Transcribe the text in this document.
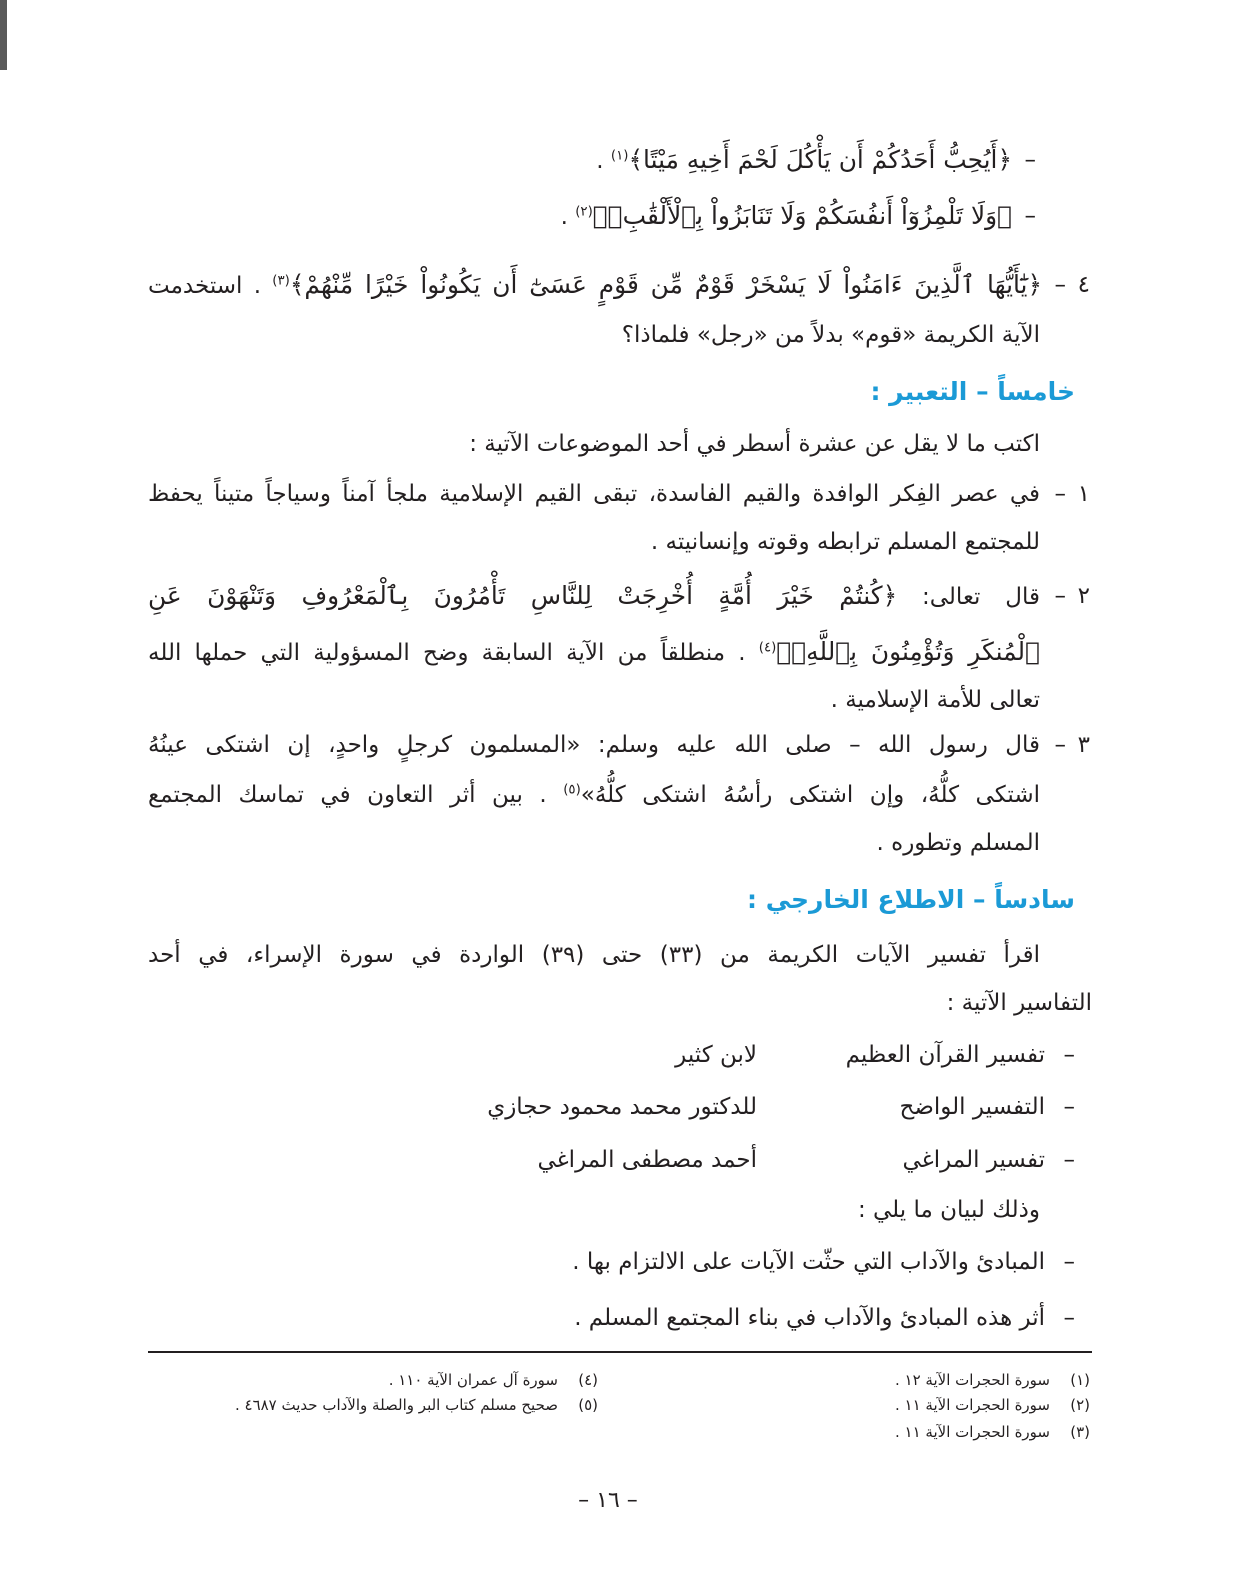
–
﴿أَيُحِبُّ أَحَدُكُمْ أَن يَأْكُلَ لَحْمَ أَخِيهِ مَيْتًا﴾$^{(١)}$ .
–
﴿وَلَا تَلْمِزُوٓاْ أَنفُسَكُمْ وَلَا تَنَابَزُواْ بِٱلْأَلْقَٰبِۖ﴾$^{(٢)}$ .
٤
–
﴿يَٰٓأَيُّهَا ٱلَّذِينَ ءَامَنُواْ لَا يَسْخَرْ قَوْمٌ مِّن قَوْمٍ عَسَىٰٓ أَن يَكُونُواْ خَيْرًا مِّنْهُمْ﴾$^{(٣)}$ . استخدمت
الآية الكريمة «قوم» بدلاً من «رجل» فلماذا؟
خامساً – التعبير :
اكتب ما لا يقل عن عشرة أسطر في أحد الموضوعات الآتية :
١
–
في عصر الفِكر الوافدة والقيم الفاسدة، تبقى القيم الإسلامية ملجأ آمناً وسياجاً متيناً يحفظ
للمجتمع المسلم ترابطه وقوته وإنسانيته .
٢
–
قال تعالى: ﴿كُنتُمْ خَيْرَ أُمَّةٍ أُخْرِجَتْ لِلنَّاسِ تَأْمُرُونَ بِٱلْمَعْرُوفِ وَتَنْهَوْنَ عَنِ
ٱلْمُنكَرِ وَتُؤْمِنُونَ بِٱللَّهِۗ﴾$^{(٤)}$ . منطلقاً من الآية السابقة وضح المسؤولية التي حملها الله
تعالى للأمة الإسلامية .
٣
–
قال رسول الله – صلى الله عليه وسلم: «المسلمون كرجلٍ واحدٍ، إن اشتكى عينُهُ
اشتكى كلُّهُ، وإن اشتكى رأسُهُ اشتكى كلُّهُ»$^{(٥)}$ . بين أثر التعاون في تماسك المجتمع
المسلم وتطوره .
سادساً – الاطلاع الخارجي :
اقرأ تفسير الآيات الكريمة من (٣٣) حتى (٣٩) الواردة في سورة الإسراء، في أحد
التفاسير الآتية :
–
تفسير القرآن العظيم
لابن كثير
–
التفسير الواضح
للدكتور محمد محمود حجازي
–
تفسير المراغي
أحمد مصطفى المراغي
وذلك لبيان ما يلي :
–
المبادئ والآداب التي حثّت الآيات على الالتزام بها .
–
أثر هذه المبادئ والآداب في بناء المجتمع المسلم .
(١)سورة الحجرات الآية ١٢ .
(٢)سورة الحجرات الآية ١١ .
(٣)سورة الحجرات الآية ١١ .
(٤)سورة آل عمران الآية ١١٠ .
(٥)صحيح مسلم كتاب البر والصلة والآداب حديث ٤٦٨٧ .
– ١٦ –
